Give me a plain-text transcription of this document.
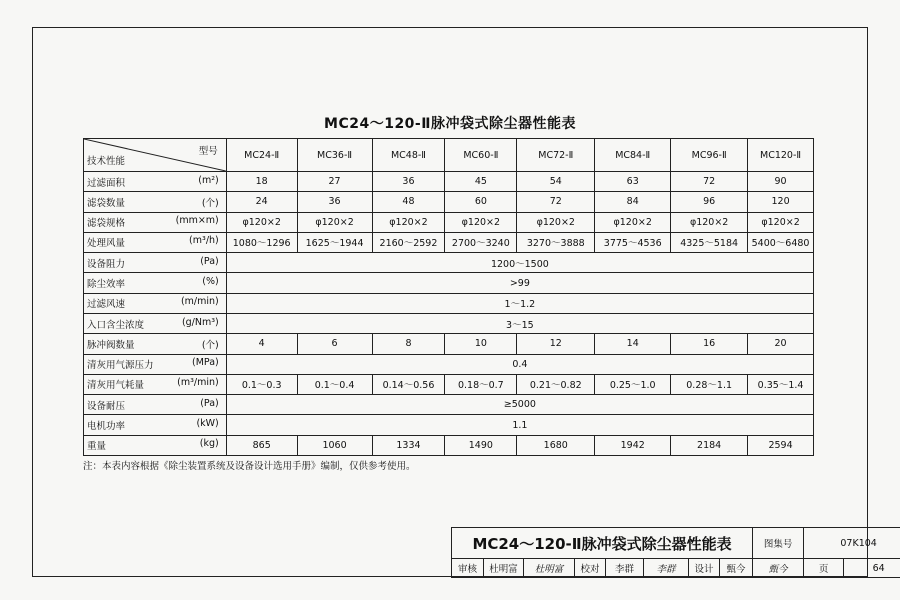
MC24～120-Ⅱ脉冲袋式除尘器性能表
型号
技术性能	MC24-Ⅱ	MC36-Ⅱ	MC48-Ⅱ	MC60-Ⅱ	MC72-Ⅱ	MC84-Ⅱ	MC96-Ⅱ	MC120-Ⅱ

过滤面积 (m²)	18	27	36	45	54	63	72	90

滤袋数量 (个)	24	36	48	60	72	84	96	120

滤袋规格 (mm×m)	φ120×2	φ120×2	φ120×2	φ120×2	φ120×2	φ120×2	φ120×2	φ120×2

处理风量 (m³/h)	1080～1296	1625～1944	2160～2592	2700～3240	3270～3888	3775～4536	4325～5184	5400～6480

设备阻力 (Pa)	1200～1500							

除尘效率 (%)	>99							

过滤风速 (m/min)	1～1.2							

入口含尘浓度 (g/Nm³)	3～15							

脉冲阀数量 (个)	4	6	8	10	12	14	16	20

清灰用气源压力 (MPa)	0.4							

清灰用气耗量 (m³/min)	0.1～0.3	0.1～0.4	0.14～0.56	0.18～0.7	0.21～0.82	0.25～1.0	0.28～1.1	0.35～1.4

设备耐压 (Pa)	≥5000							

电机功率 (kW)	1.1							

重量 (kg)	865	1060	1334	1490	1680	1942	2184	2594
注：本表内容根据《除尘装置系统及设备设计选用手册》编制，仅供参考使用。
MC24～120-Ⅱ脉冲袋式除尘器性能表								图集号	07K104	
审核	杜明富	杜明富	校对	李群	李群	设计	甄今	甄今	页	64
